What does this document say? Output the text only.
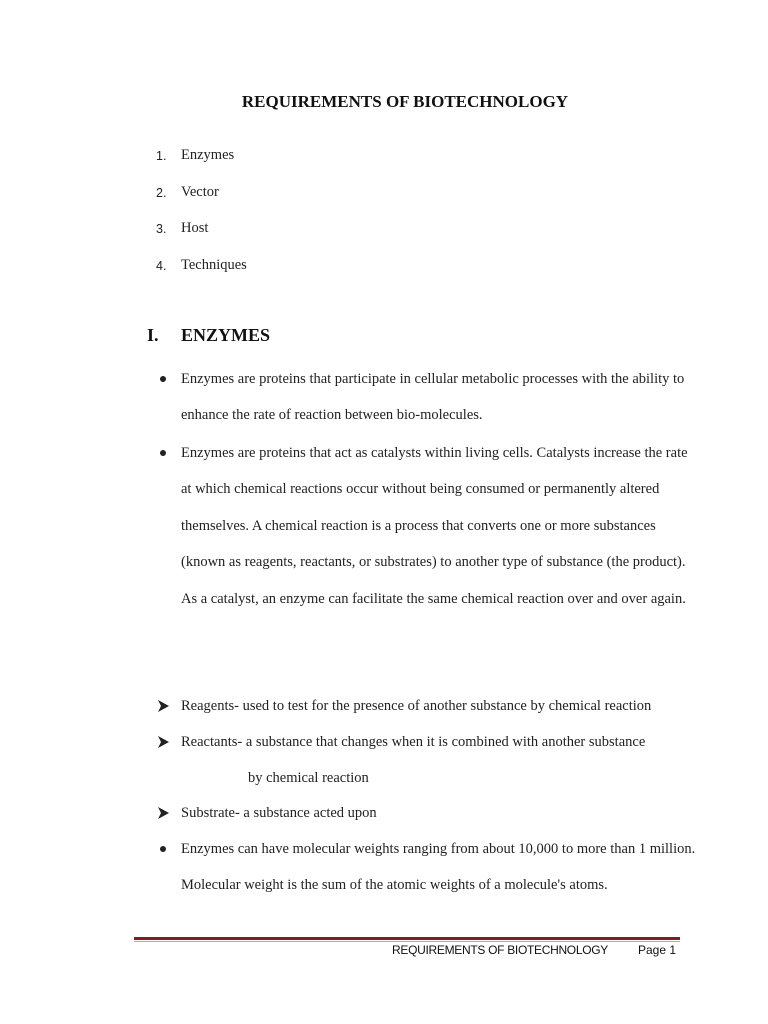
REQUIREMENTS OF BIOTECHNOLOGY
1.	Enzymes
2.	Vector
3.	Host
4.	Techniques
I.	ENZYMES
Enzymes are proteins that participate in cellular metabolic processes with the ability to enhance the rate of reaction between bio-molecules.
Enzymes are proteins that act as catalysts within living cells. Catalysts increase the rate at which chemical reactions occur without being consumed or permanently altered themselves. A chemical reaction is a process that converts one or more substances (known as reagents, reactants, or substrates) to another type of substance (the product). As a catalyst, an enzyme can facilitate the same chemical reaction over and over again.
Reagents- used to test for the presence of another substance by chemical reaction
Reactants- a substance that changes when it is combined with another substance
by chemical reaction
Substrate- a substance acted upon
Enzymes can have molecular weights ranging from about 10,000 to more than 1 million. Molecular weight is the sum of the atomic weights of a molecule's atoms.
REQUIREMENTS OF BIOTECHNOLOGY	Page 1
